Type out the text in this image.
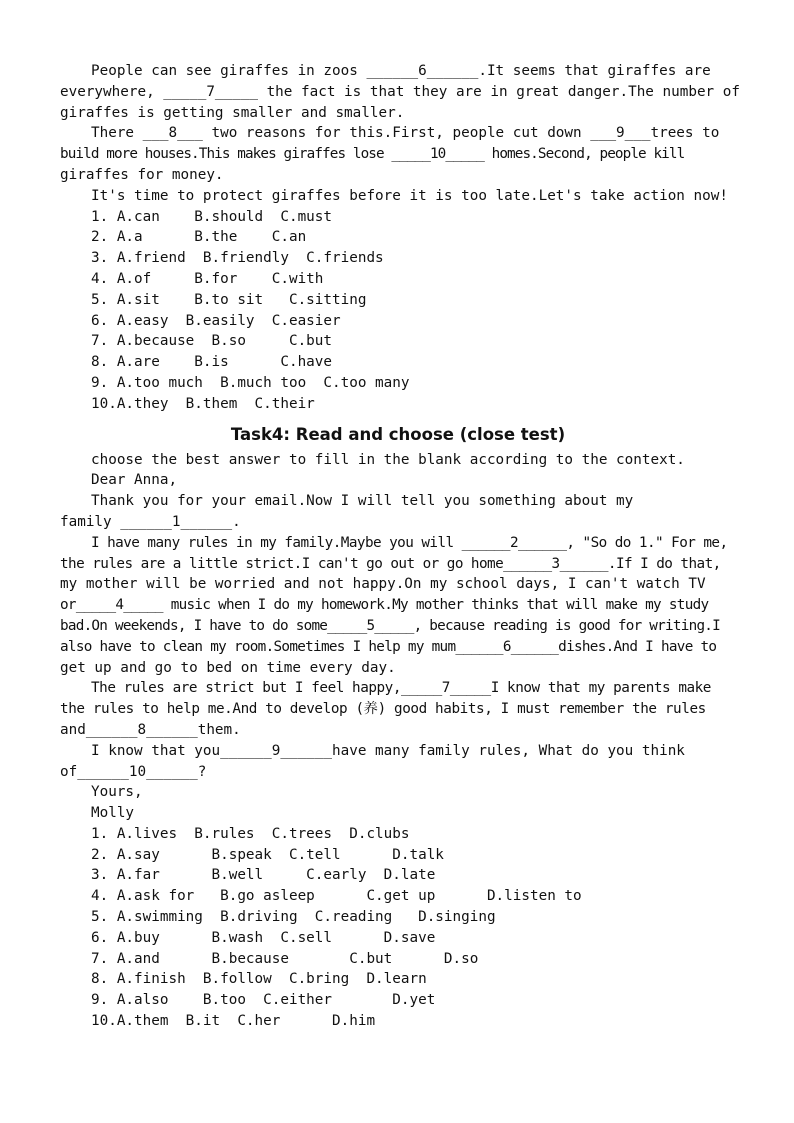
People can see giraffes in zoos ______6______.It seems that giraffes are
everywhere, _____7_____ the fact is that they are in great danger.The number of
giraffes is getting smaller and smaller.
There ___8___ two reasons for this.First, people cut down ___9___trees to
build more houses.This makes giraffes lose _____10_____ homes.Second, people kill
giraffes for money.
It's time to protect giraffes before it is too late.Let's take action now!
1. A.can    B.should  C.must
2. A.a      B.the    C.an
3. A.friend  B.friendly  C.friends
4. A.of     B.for    C.with
5. A.sit    B.to sit   C.sitting
6. A.easy  B.easily  C.easier
7. A.because  B.so     C.but
8. A.are    B.is      C.have
9. A.too much  B.much too  C.too many
10.A.they  B.them  C.their
Task4: Read and choose (close test)
choose the best answer to fill in the blank according to the context.
Dear Anna,
Thank you for your email.Now I will tell you something about my
family ______1______.
I have many rules in my family.Maybe you will ______2______, "So do 1." For me,
the rules are a little strict.I can't go out or go home______3______.If I do that,
my mother will be worried and not happy.On my school days, I can't watch TV
or_____4_____ music when I do my homework.My mother thinks that will make my study
bad.On weekends, I have to do some_____5_____, because reading is good for writing.I
also have to clean my room.Sometimes I help my mum______6______dishes.And I have to
get up and go to bed on time every day.
The rules are strict but I feel happy,_____7_____I know that my parents make
the rules to help me.And to develop (养) good habits, I must remember the rules
and______8______them.
I know that you______9______have many family rules, What do you think
of______10______?
Yours,
Molly
1. A.lives  B.rules  C.trees  D.clubs
2. A.say      B.speak  C.tell      D.talk
3. A.far      B.well     C.early  D.late
4. A.ask for   B.go asleep      C.get up      D.listen to
5. A.swimming  B.driving  C.reading   D.singing
6. A.buy      B.wash  C.sell      D.save
7. A.and      B.because       C.but      D.so
8. A.finish  B.follow  C.bring  D.learn
9. A.also    B.too  C.either       D.yet
10.A.them  B.it  C.her      D.him
